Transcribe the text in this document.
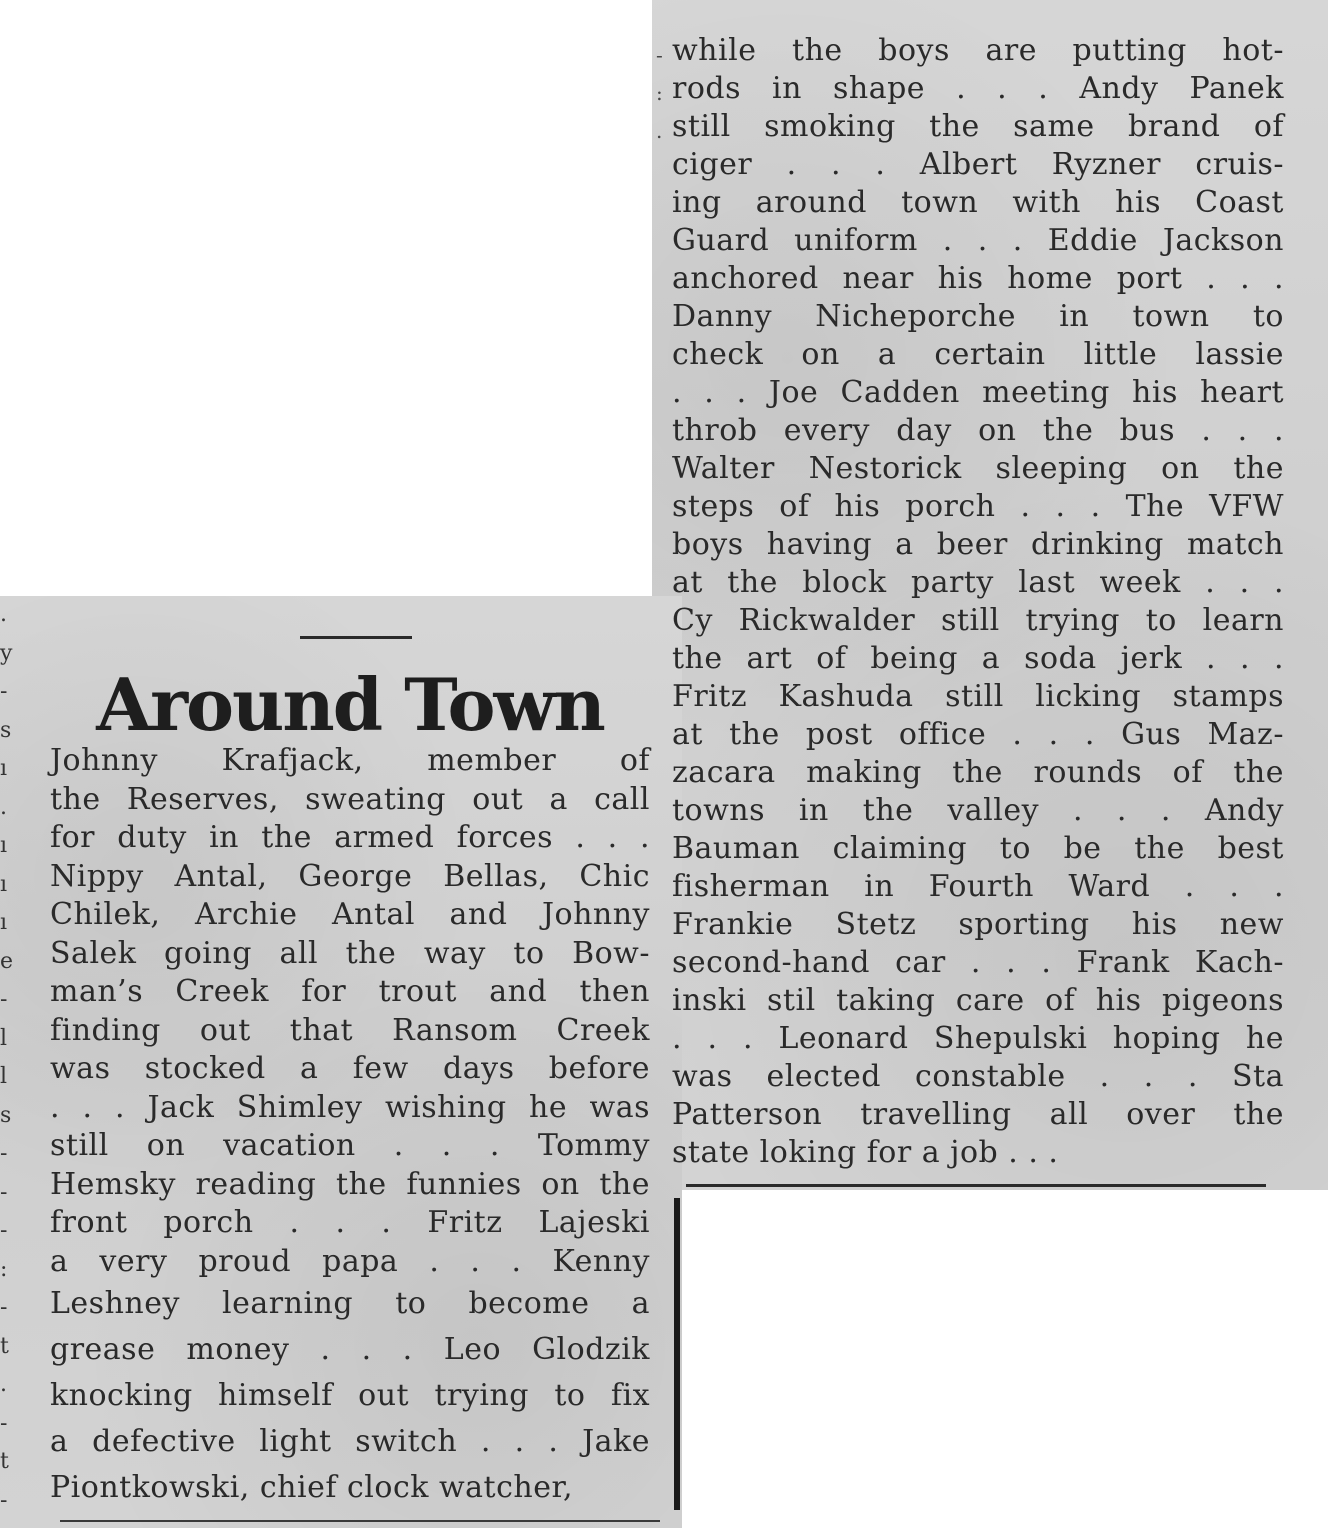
-
:
.
.
y
-
s
ı
.
ı
ı
ı
e
-
l
l
s
-
-
-
:
-
t
.
-
t
-
while the boys are putting hot-
rods in shape . . . Andy Panek
still smoking the same brand of
ciger . . . Albert Ryzner cruis-
ing around town with his Coast
Guard uniform . . . Eddie Jackson
anchored near his home port . . .
Danny Nicheporche in town to
check on a certain little lassie
. . . Joe Cadden meeting his heart
throb every day on the bus . . .
Walter Nestorick sleeping on the
steps of his porch . . . The VFW
boys having a beer drinking match
at the block party last week . . .
Cy Rickwalder still trying to learn
the art of being a soda jerk . . .
Fritz Kashuda still licking stamps
at the post office . . . Gus Maz-
zacara making the rounds of the
towns in the valley . . . Andy
Bauman claiming to be the best
fisherman in Fourth Ward . . .
Frankie Stetz sporting his new
second-hand car . . . Frank Kach-
inski stil taking care of his pigeons
. . . Leonard Shepulski hoping he
was elected constable . . . Sta
Patterson travelling all over the
state loking for a job . . .
Around Town
Johnny Krafjack, member of
the Reserves, sweating out a call
for duty in the armed forces . . .
Nippy Antal, George Bellas, Chic
Chilek, Archie Antal and Johnny
Salek going all the way to Bow-
man’s Creek for trout and then
finding out that Ransom Creek
was stocked a few days before
. . . Jack Shimley wishing he was
still on vacation . . . Tommy
Hemsky reading the funnies on the
front porch . . . Fritz Lajeski
a very proud papa . . . Kenny
Leshney learning to become a
grease money . . . Leo Glodzik
knocking himself out trying to fix
a defective light switch . . . Jake
Piontkowski, chief clock watcher,
